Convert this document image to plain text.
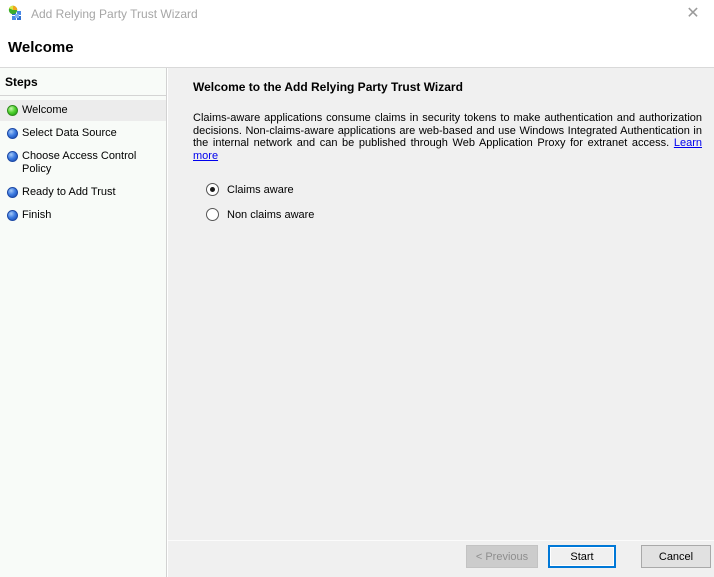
Add Relying Party Trust Wizard	✕
Welcome
Steps
Welcome
Select Data Source
Choose Access Control Policy
Ready to Add Trust
Finish
Welcome to the Add Relying Party Trust Wizard

Claims-aware applications consume claims in security tokens to make authentication and authorization decisions. Non-claims-aware applications are web-based and use Windows Integrated Authentication in the internal network and can be published through Web Application Proxy for extranet access. Learn more

Claims aware
Non claims aware
< Previous	Start	Cancel
